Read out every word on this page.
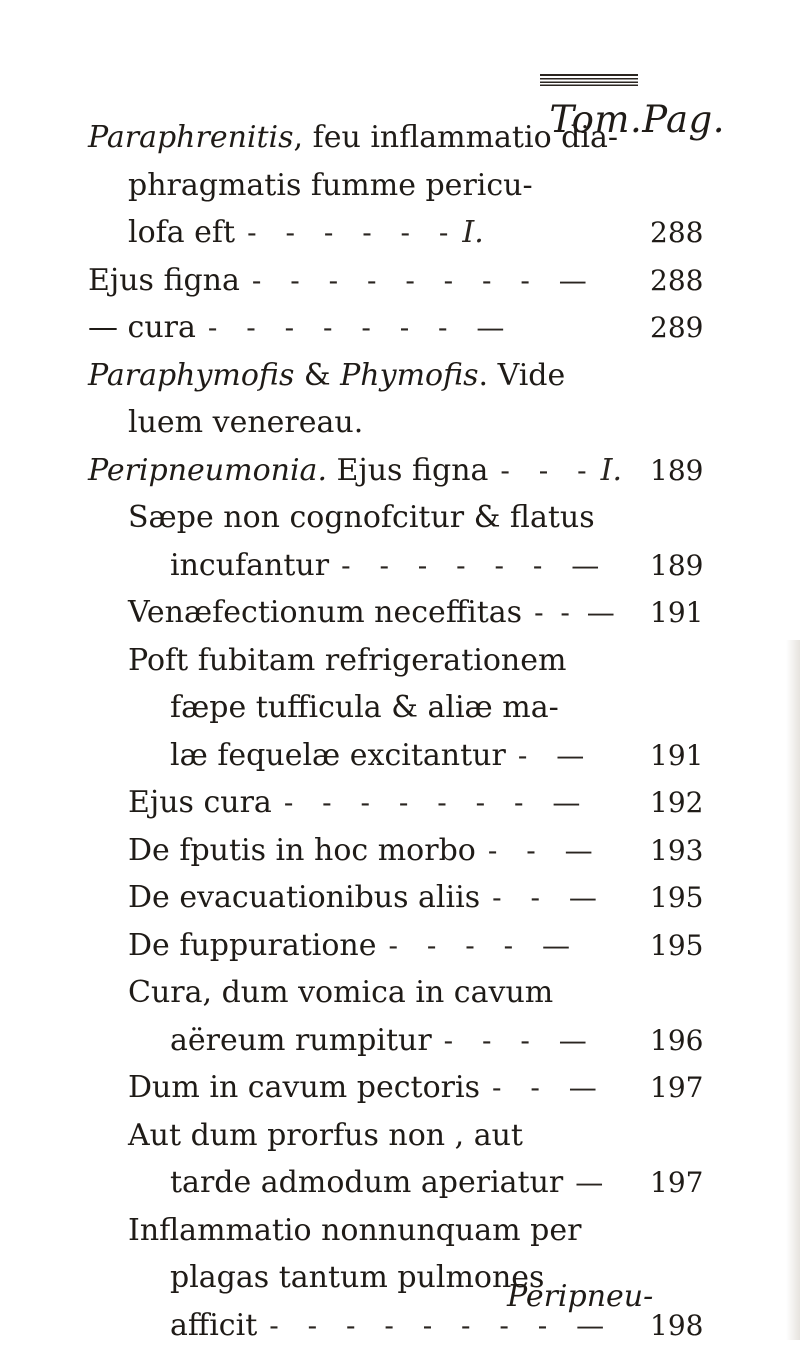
Tom.Pag.
Paraphrenitis, feu inflammatio dia-
phragmatis fumme pericu-
lofa eft - - - - - - I.	288
Ejus figna - - - - - - - - — 288
— cura - - - - - - - —	289
Paraphymofis & Phymofis. Vide
luem venereau.
Peripneumonia. Ejus figna - - - I. 189
Sæpe non cognofcitur & flatus
incufantur - - - - - - — 189
Venæfectionum neceffitas - - — 191
Poft fubitam refrigerationem
fæpe tufficula & aliæ ma-
læ fequelæ excitantur - — 191
Ejus cura - - - - - - - — 192
De fputis in hoc morbo - - — 193
De evacuationibus aliis - - — 195
De fuppuratione - - - - —	195
Cura, dum vomica in cavum
aëreum rumpitur - - - — 196
Dum in cavum pectoris - - — 197
Aut dum prorfus non , aut
tarde admodum aperiatur — 197
Inflammatio nonnunquam per
plagas tantum pulmones
afficit - - - - - - - - — 198
Peripneu-
